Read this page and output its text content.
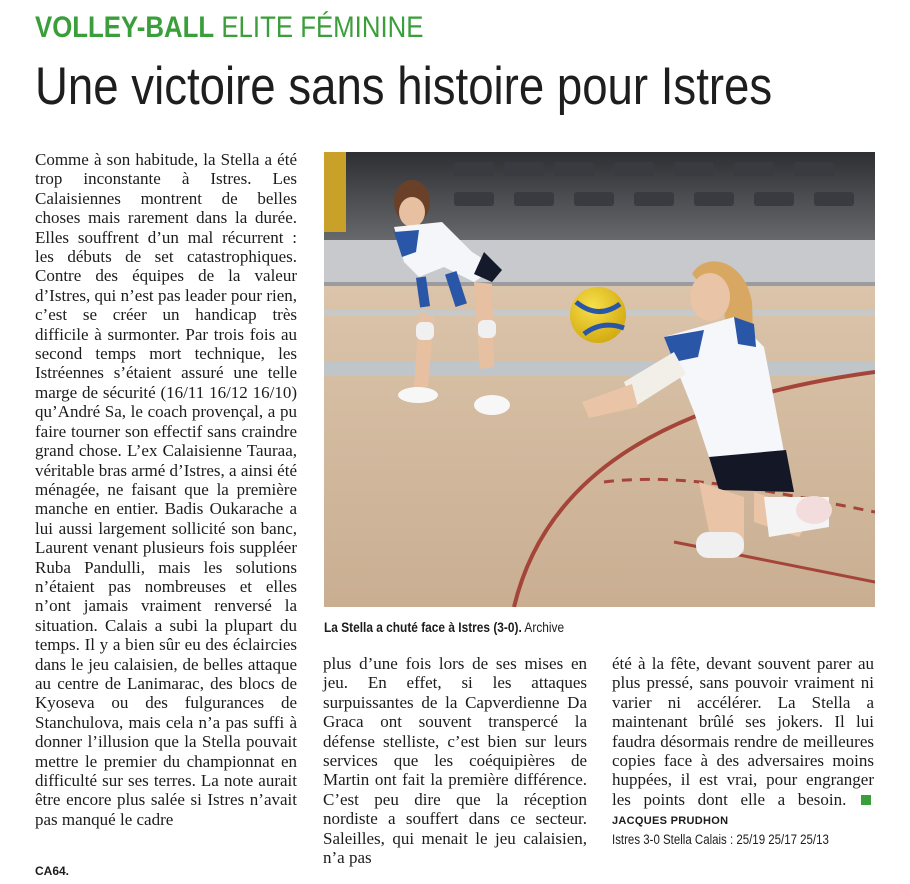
VOLLEY-BALL ELITE FÉMININE
Une victoire sans histoire pour Istres

Comme à son habitude, la Stella a été trop inconstante à Istres. Les Calaisiennes montrent de belles choses mais rarement dans la durée. Elles souffrent d’un mal récurrent : les débuts de set catastrophiques. Contre des équipes de la valeur d’Istres, qui n’est pas leader pour rien, c’est se créer un handicap très difficile à surmonter. Par trois fois au second temps mort technique, les Istréennes s’étaient assuré une telle marge de sécurité (16/11 16/12 16/10) qu’André Sa, le coach provençal, a pu faire tourner son effectif sans craindre grand chose. L’ex Calaisienne Tauraa, véritable bras armé d’Istres, a ainsi été ménagée, ne faisant que la première manche en entier. Badis Oukarache a lui aussi largement sollicité son banc, Laurent venant plusieurs fois suppléer Ruba Pandulli, mais les solutions n’étaient pas nombreuses et elles n’ont jamais vraiment renversé la situation. Calais a subi la plupart du temps. Il y a bien sûr eu des éclaircies dans le jeu calaisien, de belles attaque au centre de Lanimarac, des blocs de Kyoseva ou des fulgurances de Stanchulova, mais cela n’a pas suffi à donner l’illusion que la Stella pouvait mettre le premier du championnat en difficulté sur ses terres. La note aurait être encore plus salée si Istres n’avait pas manqué le cadre

La Stella a chuté face à Istres (3-0). Archive

plus d’une fois lors de ses mises en jeu. En effet, si les attaques surpuissantes de la Capverdienne Da Graca ont souvent transpercé la défense stelliste, c’est bien sur leurs services que les coéquipières de Martin ont fait la première différence. C’est peu dire que la réception nordiste a souffert dans ce secteur. Saleilles, qui menait le jeu calaisien, n’a pas

été à la fête, devant souvent parer au plus pressé, sans pouvoir vraiment ni varier ni accélérer. La Stella a maintenant brûlé ses jokers. Il lui faudra désormais rendre de meilleures copies face à des adversaires moins huppées, il est vrai, pour engranger les points dont elle a besoin. JACQUES PRUDHON

Istres 3-0 Stella Calais : 25/19 25/17 25/13
CA64.
